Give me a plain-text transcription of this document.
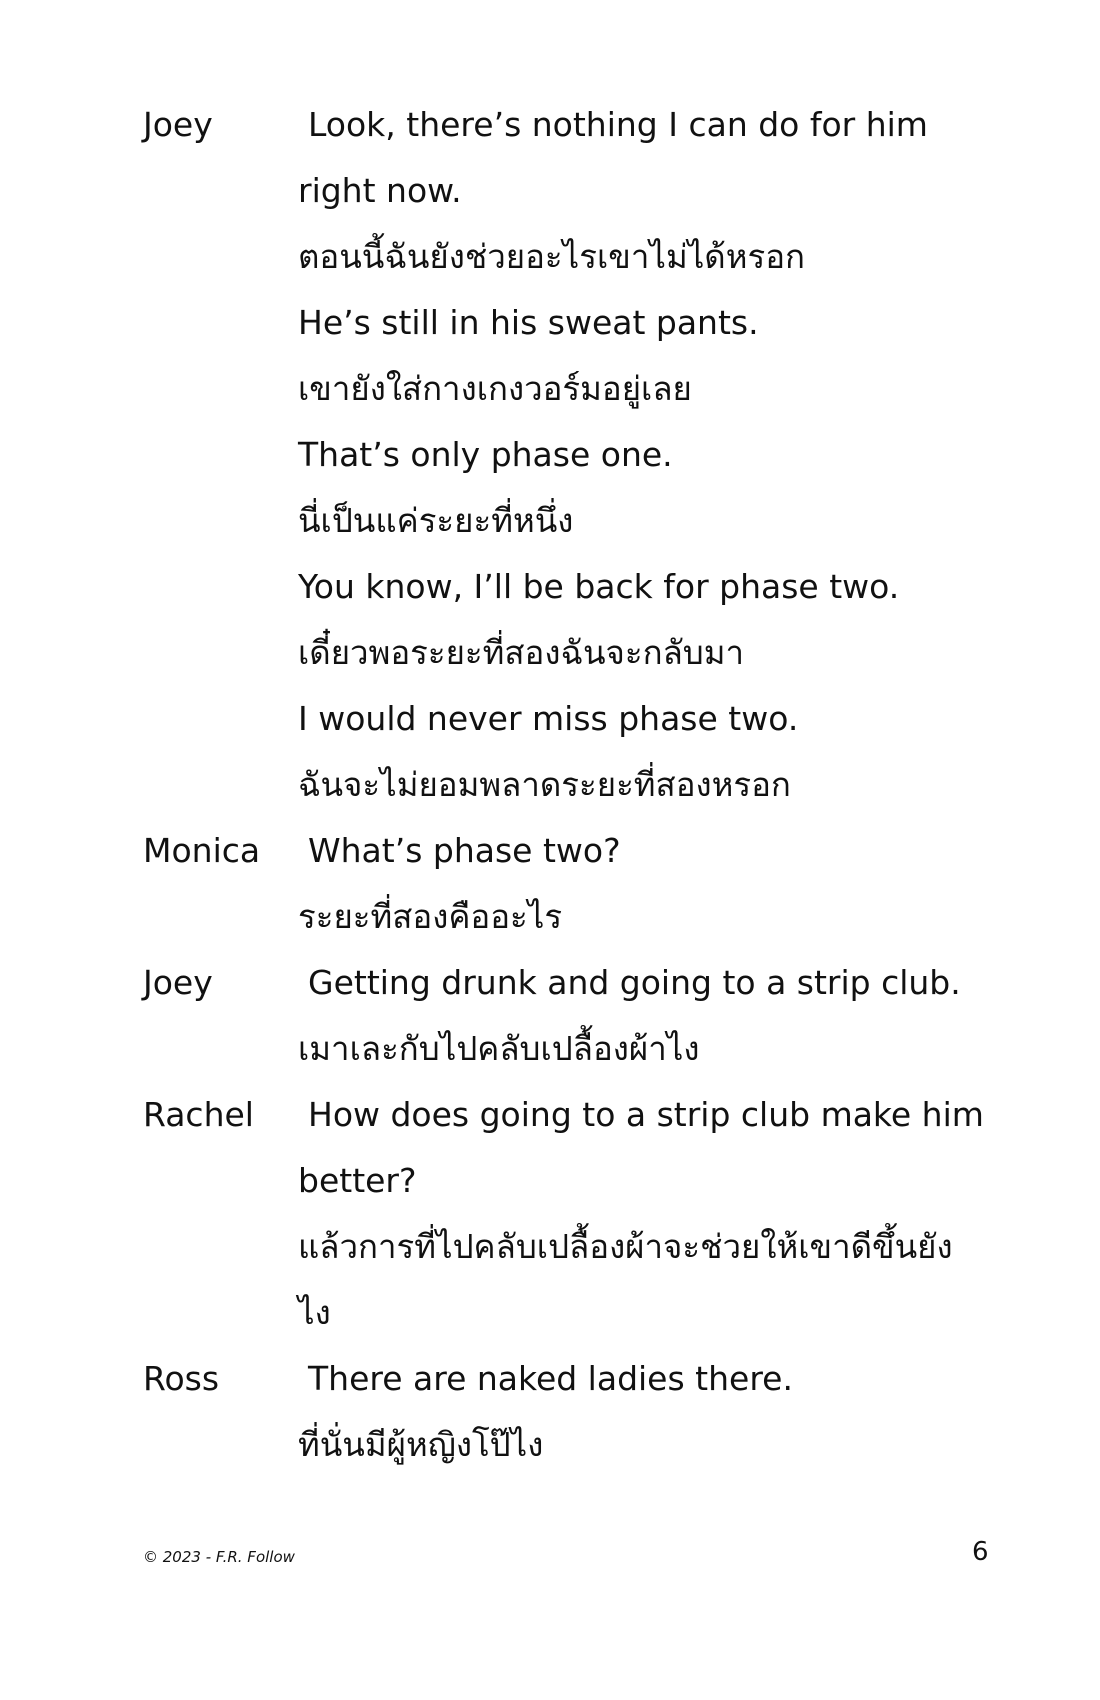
Joey	Look, there’s nothing I can do for him
right now.
ตอนนี้ฉันยังช่วยอะไรเขาไม่ได้หรอก
He’s still in his sweat pants.
เขายังใส่กางเกงวอร์มอยู่เลย
That’s only phase one.
นี่เป็นแค่ระยะที่หนึ่ง
You know, I’ll be back for phase two.
เดี๋ยวพอระยะที่สองฉันจะกลับมา
I would never miss phase two.
ฉันจะไม่ยอมพลาดระยะที่สองหรอก
Monica	What’s phase two?
ระยะที่สองคืออะไร
Joey	Getting drunk and going to a strip club.
เมาเละกับไปคลับเปลื้องผ้าไง
Rachel	How does going to a strip club make him
better?
แล้วการที่ไปคลับเปลื้องผ้าจะช่วยให้เขาดีขึ้นยัง
ไง
Ross	There are naked ladies there.
ที่นั่นมีผู้หญิงโป๊ไง
© 2023 - F.R. Follow	6
